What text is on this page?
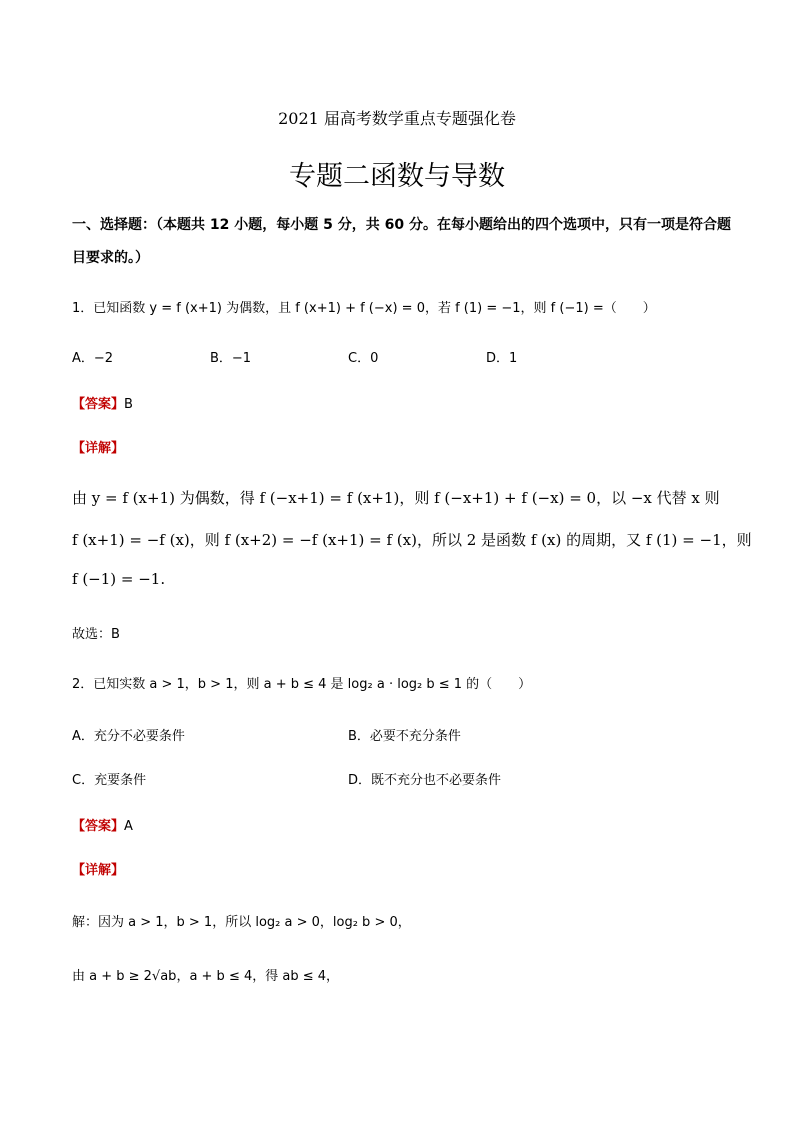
2021 届高考数学重点专题强化卷
专题二函数与导数
一、选择题：（本题共 12 小题，每小题 5 分，共 60 分。在每小题给出的四个选项中，只有一项是符合题
目要求的。）
1．已知函数 y = f (x+1) 为偶数，且 f (x+1) + f (−x) = 0，若 f (1) = −1，则 f (−1) =（　　）
A．−2	B．−1	C．0	D．1
【答案】B
【详解】
由 y = f (x+1) 为偶数，得 f (−x+1) = f (x+1)，则 f (−x+1) + f (−x) = 0，以 −x 代替 x 则
f (x+1) = −f (x)，则 f (x+2) = −f (x+1) = f (x)，所以 2 是函数 f (x) 的周期，又 f (1) = −1，则
f (−1) = −1.
故选：B
2．已知实数 a > 1，b > 1，则 a + b ≤ 4 是 log₂ a · log₂ b ≤ 1 的（　　）
A．充分不必要条件	B．必要不充分条件
C．充要条件	D．既不充分也不必要条件
【答案】A
【详解】
解：因为 a > 1，b > 1，所以 log₂ a > 0，log₂ b > 0，
由 a + b ≥ 2√ab，a + b ≤ 4，得 ab ≤ 4，
